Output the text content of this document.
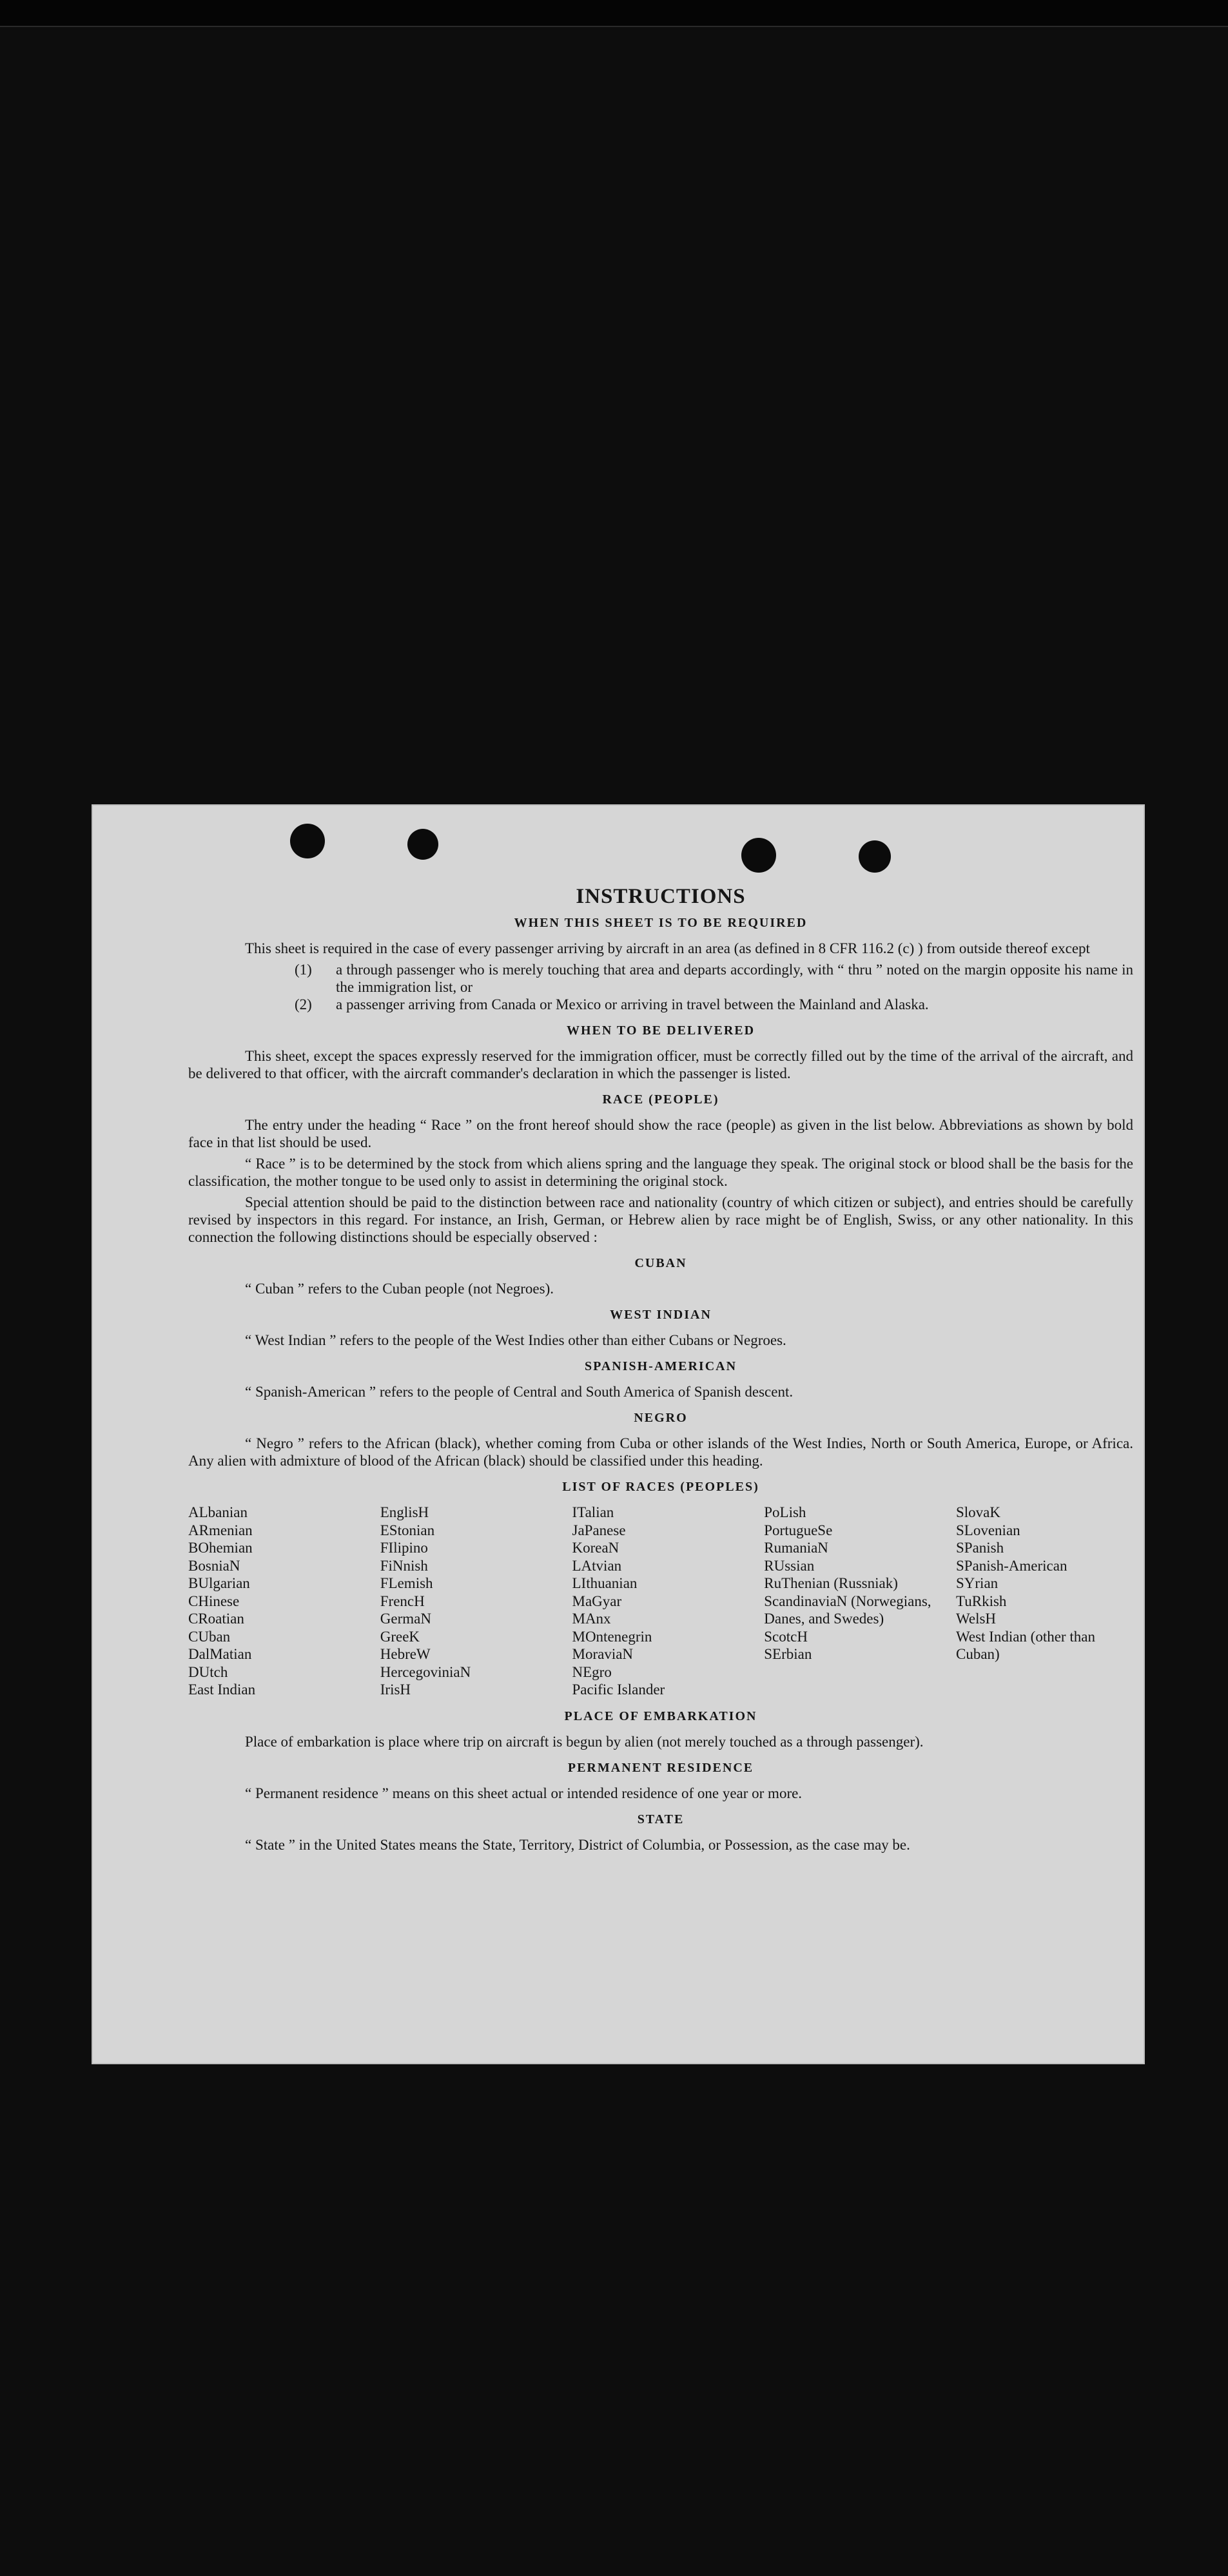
INSTRUCTIONS
WHEN THIS SHEET IS TO BE REQUIRED

This sheet is required in the case of every passenger arriving by aircraft in an area (as defined in 8 CFR 116.2 (c) ) from outside thereof except

(1)	a through passenger who is merely touching that area and departs accordingly, with “ thru ” noted on the margin opposite his name in the immigration list, or
(2)	a passenger arriving from Canada or Mexico or arriving in travel between the Mainland and Alaska.
WHEN TO BE DELIVERED

This sheet, except the spaces expressly reserved for the immigration officer, must be correctly filled out by the time of the arrival of the aircraft, and be delivered to that officer, with the aircraft commander's declaration in which the passenger is listed.

RACE (PEOPLE)

The entry under the heading “ Race ” on the front hereof should show the race (people) as given in the list below. Abbreviations as shown by bold face in that list should be used.

“ Race ” is to be determined by the stock from which aliens spring and the language they speak. The original stock or blood shall be the basis for the classification, the mother tongue to be used only to assist in determining the original stock.

Special attention should be paid to the distinction between race and nationality (country of which citizen or subject), and entries should be carefully revised by inspectors in this regard. For instance, an Irish, German, or Hebrew alien by race might be of English, Swiss, or any other nationality. In this connection the following distinctions should be especially observed :

CUBAN

“ Cuban ” refers to the Cuban people (not Negroes).

WEST INDIAN

“ West Indian ” refers to the people of the West Indies other than either Cubans or Negroes.

SPANISH-AMERICAN

“ Spanish-American ” refers to the people of Central and South America of Spanish descent.

NEGRO

“ Negro ” refers to the African (black), whether coming from Cuba or other islands of the West Indies, North or South America, Europe, or Africa. Any alien with admixture of blood of the African (black) should be classified under this heading.

LIST OF RACES (PEOPLES)
ALbanian
ARmenian
BOhemian
BosniaN
BUlgarian
CHinese
CRoatian
CUban
DalMatian
DUtch
East Indian
EnglisH
EStonian
FIlipino
FiNnish
FLemish
FrencH
GermaN
GreeK
HebreW
HercegoviniaN
IrisH
ITalian
JaPanese
KoreaN
LAtvian
LIthuanian
MaGyar
MAnx
MOntenegrin
MoraviaN
NEgro
Pacific Islander
PoLish
PortugueSe
RumaniaN
RUssian
RuThenian (Russniak)
ScandinaviaN (Norwegians, Danes, and Swedes)
ScotcH
SErbian
SlovaK
SLovenian
SPanish
SPanish-American
SYrian
TuRkish
WelsH
West Indian (other than Cuban)
PLACE OF EMBARKATION

Place of embarkation is place where trip on aircraft is begun by alien (not merely touched as a through passenger).

PERMANENT RESIDENCE

“ Permanent residence ” means on this sheet actual or intended residence of one year or more.

STATE

“ State ” in the United States means the State, Territory, District of Columbia, or Possession, as the case may be.
